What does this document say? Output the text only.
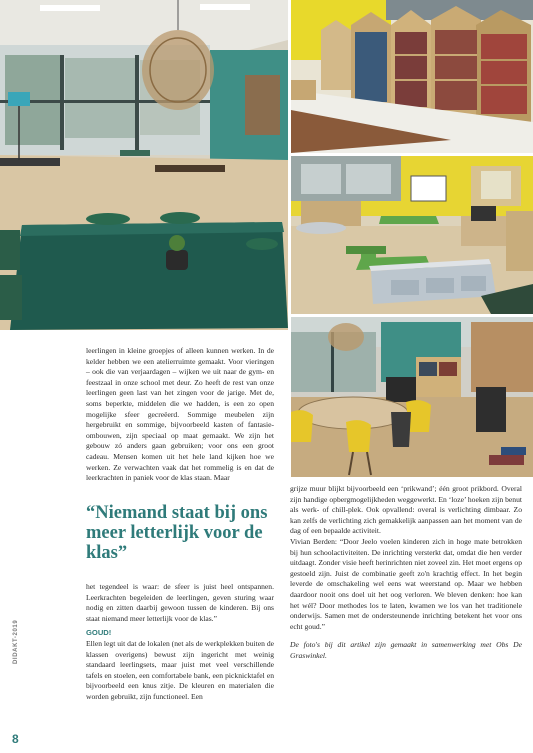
leerlingen in kleine groepjes of alleen kunnen werken. In de kelder hebben we een atelierruimte gemaakt. Voor vieringen – ook die van verjaardagen – wijken we uit naar de gym- en feestzaal in onze school met deur. Zo heeft de rest van onze leerlingen geen last van het zingen voor de jarige. Met de, soms beperkte, middelen die we hadden, is een zo open mogelijke sfeer gecreëerd. Sommige meubelen zijn hergebruikt en sommige, bijvoorbeeld kasten of fantasie-ombouwen, zijn speciaal op maat gemaakt. We zijn het gebouw zó anders gaan gebruiken; voor ons een groot cadeau. Mensen komen uit het hele land kijken hoe we werken. Ze verwachten vaak dat het rommelig is en dat de leerkrachten in paniek voor de klas staan. Maar

“Niemand staat bij ons meer letterlijk voor de klas”

het tegendeel is waar: de sfeer is juist heel ontspannen. Leerkrachten begeleiden de leerlingen, geven sturing waar nodig en zitten daarbij gewoon tussen de kinderen. Bij ons staat niemand meer letterlijk voor de klas.”

GOUD!

Ellen legt uit dat de lokalen (net als de werkplekken buiten de klassen overigens) bewust zijn ingericht met weinig standaard leerlingsets, maar juist met veel verschillende tafels en stoelen, een comfortabele bank, een picknicktafel en bijvoorbeeld een knus zitje. De kleuren en materialen die worden gebruikt, zijn functioneel. Een

grijze muur blijkt bijvoorbeeld een ‘prikwand’; één groot prikbord. Overal zijn handige opbergmogelijkheden weggewerkt. En ‘loze’ hoeken zijn benut als werk- of chill-plek. Ook opvallend: overal is verlichting dimbaar. Zo kan zelfs de verlichting zich gemakkelijk aanpassen aan het moment van de dag of een bepaalde activiteit.

Vivian Berden: “Door Jeelo voelen kinderen zich in hoge mate betrokken bij hun schoolactiviteiten. De inrichting versterkt dat, omdat die hen verder uitdaagt. Zonder visie heeft herinrichten niet zoveel zin. Het moet ergens op gestoeld zijn. Juist de combinatie geeft zo'n krachtig effect. In het begin leverde de omschakeling wel eens wat weerstand op. Maar we hebben daardoor nooit ons doel uit het oog verloren. We bleven denken: hoe kan het wél? Door methodes los te laten, kwamen we los van het traditionele onderwijs. Samen met de ondersteunende inrichting betekent het voor ons echt goud.”

De foto's bij dit artikel zijn gemaakt in samenwerking met Obs De Graswinkel.

DIDAKT-2019
8
